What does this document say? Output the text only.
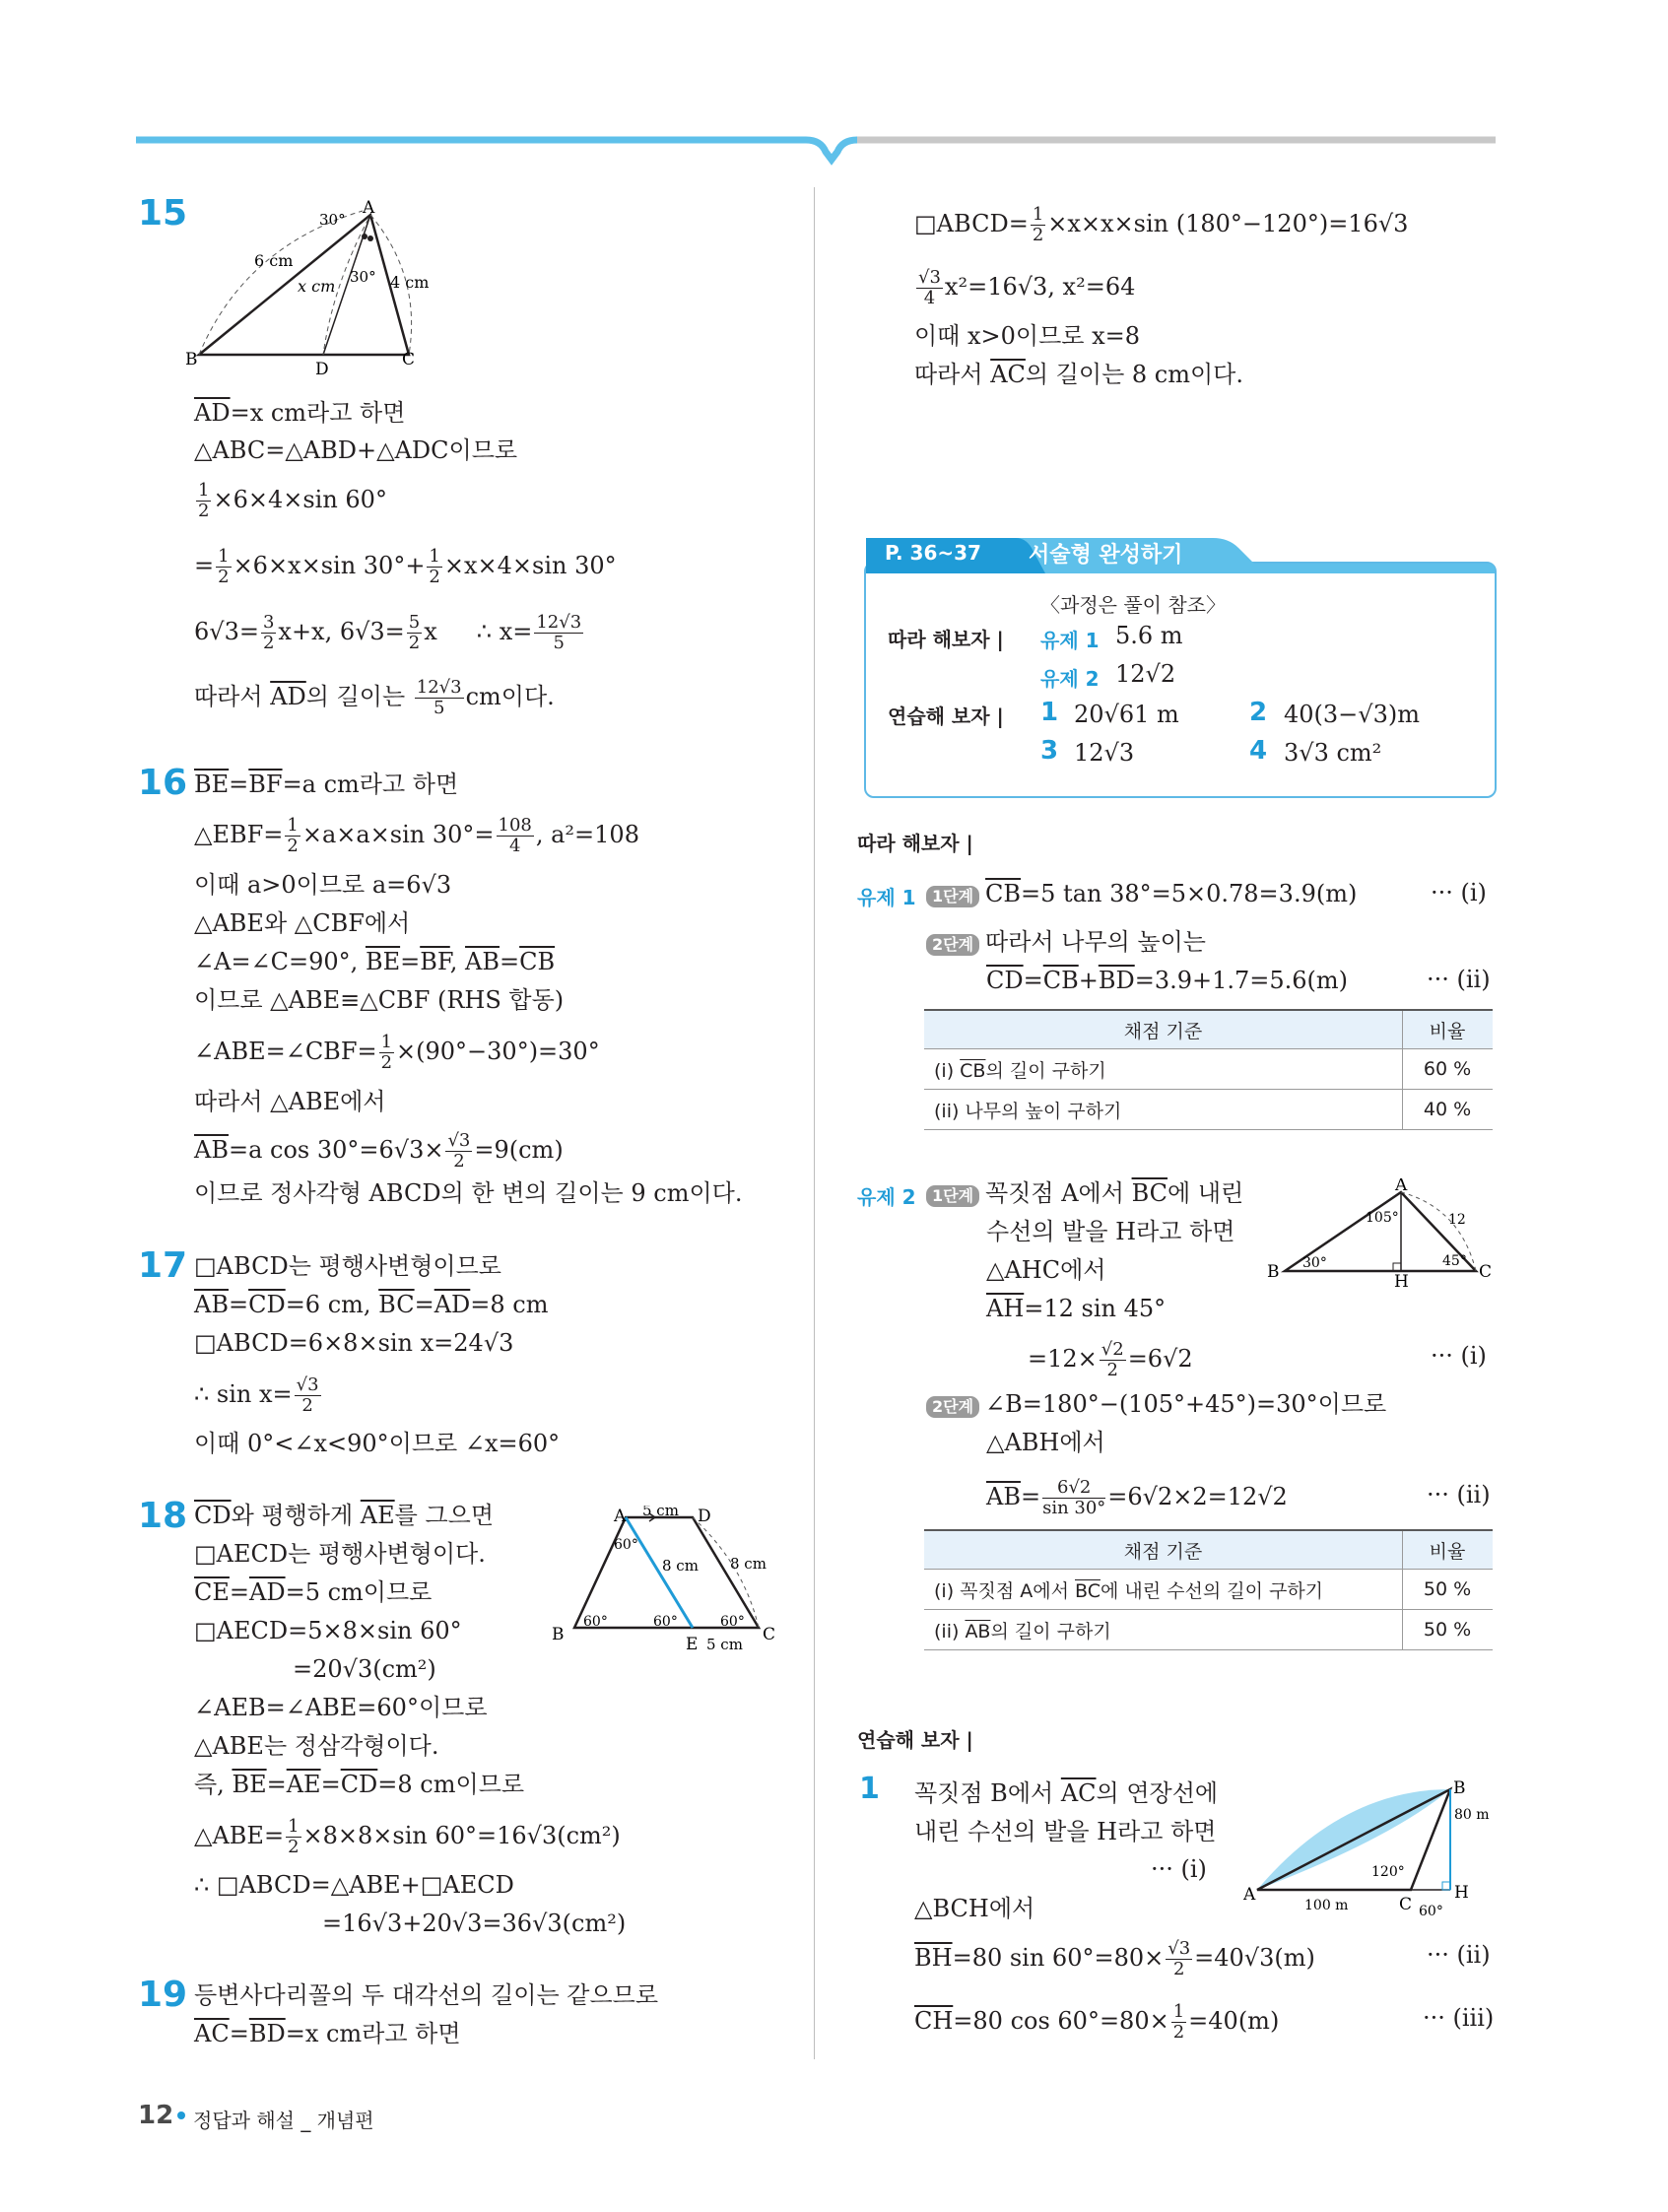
15	A
B	C
D
30°
30°
6 cm
x cm	4 cm
$\overline{AD}=x$ cm라고 하면
△ABC=△ABD+△ADC이므로
$\frac{1}{2} \times 6\times 4\times\sin$ 60°
= $\frac{1}{2} \times 6\times x\times\sin$ $30^\circ+ \frac{1}{2} \times x\times 4\times\sin$ 30°
$6√3= \frac{3}{2} x+x$, $6√3= \frac{5}{2}$ x ∴ $x= \frac{12√3}{5}$
따라서 $\overline{AD}$의 길이는 $\frac{12√3}{5}$ cm이다.
16 $\overline{BE}=\overline{BF}=a$ cm라고 하면
△EBF= $\frac{1}{2} \times a\times a\times\sin$ $30^\circ= \frac{108}{4}$ , a²=108
이때 a>0이므로 a=6√3
△ABE와 △CBF에서
∠A=∠C=90°, $\overline{BE}=\overline{BF}$, $\overline{AB}=\overline{CB}$
이므로 △ABE≡△CBF (RHS 합동)
∠ABE=∠CBF= $\frac{1}{2} \times(90^\circ-30^\circ)=30^\circ$
따라서 △ABE에서
$\overline{AB}=a$ $\cos 30^\circ=6√3\times \frac{√3}{2} =9(cm)$
이므로 정사각형 ABCD의 한 변의 길이는 9 cm이다.
17 □ABCD는 평행사변형이므로
$\overline{AB}=\overline{CD}=6$ cm, $\overline{BC}=\overline{AD}=8$ cm
□ABCD=6×8×sin x=24√3
∴ $\sin x= \frac{√3}{2}$
이때 0°<∠x<90°이므로 ∠x=60°
18	A	D
B	C
E
5 cm
5 cm
8 cm 8 cm
60°
60°	60°	60°
$\overline{CD}$와 평행하게 $\overline{AE}$를 그으면
□AECD는 평행사변형이다.
$\overline{CE}=\overline{AD}=5$ cm이므로
□AECD=5×8×sin 60°
=20√3(cm²)
∠AEB=∠ABE=60°이므로
△ABE는 정삼각형이다.
즉, $\overline{BE}=\overline{AE}=\overline{CD}=8$ cm이므로
△ABE= $\frac{1}{2} \times 8\times 8\times\sin$ 60°=16√3(cm²)
∴ □ABCD=△ABE+□AECD
=16√3+20√3=36√3(cm²)
19 등변사다리꼴의 두 대각선의 길이는 같으므로
$\overline{AC}=\overline{BD}=x$ cm라고 하면
□ABCD= $\frac{1}{2} \times x\times x\times\sin$ (180°−120°)=16√3
$\frac{√3}{4} x^2=16√3$, x²=64
이때 x>0이므로 x=8
따라서 $\overline{AC}$의 길이는 8 cm이다.
P. 36~37 서술형 완성하기
〈과정은 풀이 참조〉
따라 해보자 | 유제 1 5.6 m
유제 2 12√2
연습해 보자 | 1 20√61 m	2 40(3−√3)m
3 12√3	4 3√3 cm²
따라 해보자 |
유제 1	1단계 $\overline{CB}=5$ tan 38°=5×0.78=3.9(m)	··· (i)
2단계 따라서 나무의 높이는
$\overline{CD}=\overline{CB}+\overline{BD}=3.9+1.7=5.6(m)$	··· (ii)
채점 기준	비율
(i) $\overline{CB}$의 길이 구하기	60 %
(ii) 나무의 높이 구하기	40 %
유제 2	1단계 꼭짓점 A에서 $\overline{BC}$에 내린
수선의 발을 H라고 하면
△AHC에서
$\overline{AH}=12$ sin 45°
$=12\times \frac{√2}{2} =6√2$	··· (i)
A
B	C
H
105°
30°	45°
12
2단계 ∠B=180°−(105°+45°)=30°이므로
△ABH에서
$\overline{AB}= \frac{6√2}{\sin 30^\circ} =6√2\times 2=12√2$	··· (ii)
채점 기준	비율
(i) 꼭짓점 A에서 $\overline{BC}$에 내린 수선의 길이 구하기	50 %
(ii) $\overline{AB}$의 길이 구하기	50 %
연습해 보자 |
1 꼭짓점 B에서 $\overline{AC}$의 연장선에
내린 수선의 발을 H라고 하면
··· (i)
A
B
C
H
80 m
100 m
120°
60°
△BCH에서
$\overline{BH}=80$ $\sin 60^\circ=80\times \frac{√3}{2} =40√3(m)$	··· (ii)
$\overline{CH}=80$ $\cos 60^\circ=80\times \frac{1}{2} =40(m)$	··· (iii)
12 정답과 해설 _ 개념편
